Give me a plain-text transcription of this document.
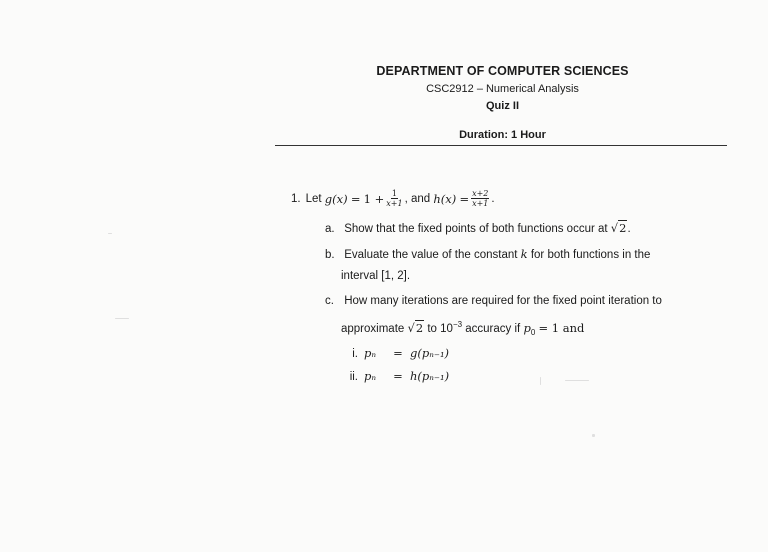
DEPARTMENT OF COMPUTER SCIENCES
CSC2912 – Numerical Analysis
Quiz II
Duration: 1 Hour
1. Let
g(x)
=
$1 + \frac{1}{x+1}$ , and
h(x)
= $\frac{x+2}{x+1}$ .
a. Show that the fixed points of both functions occur at √2.
b. Evaluate the value of the constant k for both functions in the
interval [1, 2].
c. How many iterations are required for the fixed point iteration to
approximate √2 to $10^{-3}$ accuracy if $p_0 = 1$ and
i. pₙ	= g(pₙ₋₁)
ii. pₙ	= h(pₙ₋₁)
